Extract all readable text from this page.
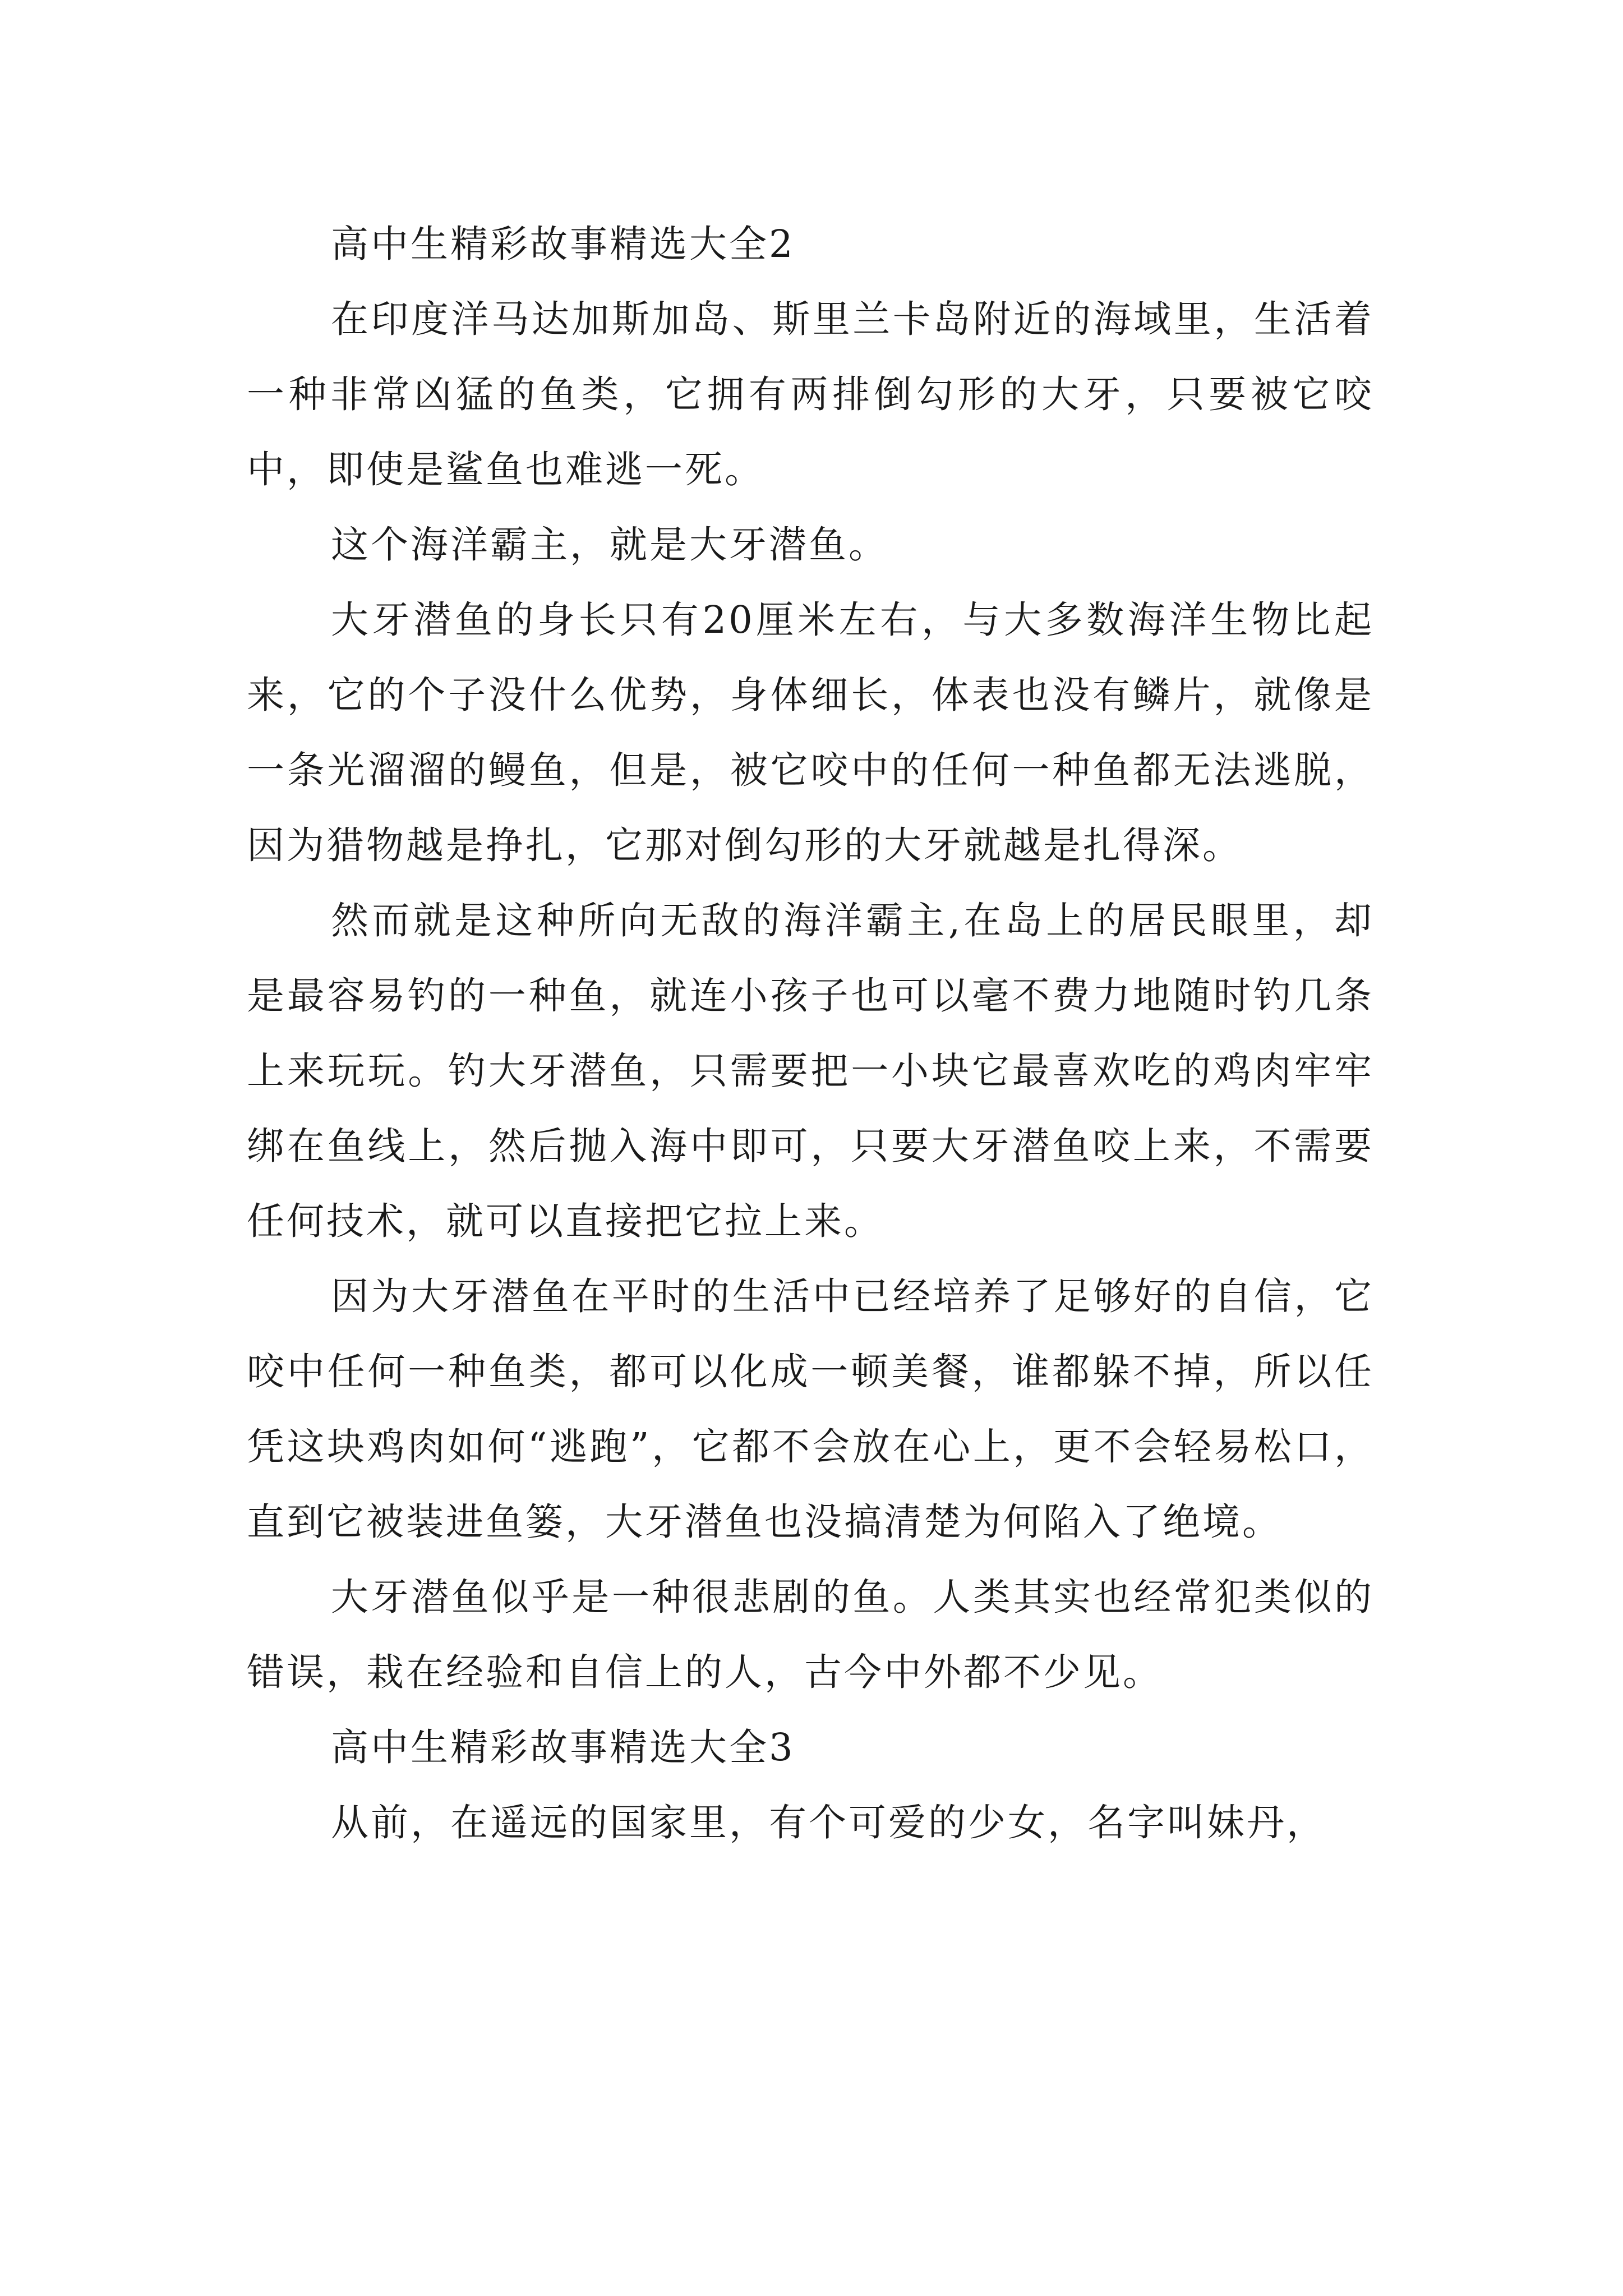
高中生精彩故事精选大全2

在印度洋马达加斯加岛、斯里兰卡岛附近的海域里，生活着一种非常凶猛的鱼类，它拥有两排倒勾形的大牙，只要被它咬中，即使是鲨鱼也难逃一死。

这个海洋霸主，就是大牙潜鱼。

大牙潜鱼的身长只有20厘米左右，与大多数海洋生物比起来，它的个子没什么优势，身体细长，体表也没有鳞片，就像是一条光溜溜的鳗鱼，但是，被它咬中的任何一种鱼都无法逃脱，因为猎物越是挣扎，它那对倒勾形的大牙就越是扎得深。

然而就是这种所向无敌的海洋霸主,在岛上的居民眼里，却是最容易钓的一种鱼，就连小孩子也可以毫不费力地随时钓几条上来玩玩。钓大牙潜鱼，只需要把一小块它最喜欢吃的鸡肉牢牢绑在鱼线上，然后抛入海中即可，只要大牙潜鱼咬上来，不需要任何技术，就可以直接把它拉上来。

因为大牙潜鱼在平时的生活中已经培养了足够好的自信，它咬中任何一种鱼类，都可以化成一顿美餐，谁都躲不掉，所以任凭这块鸡肉如何“逃跑”，它都不会放在心上，更不会轻易松口，直到它被装进鱼篓，大牙潜鱼也没搞清楚为何陷入了绝境。

大牙潜鱼似乎是一种很悲剧的鱼。人类其实也经常犯类似的错误，栽在经验和自信上的人，古今中外都不少见。

高中生精彩故事精选大全3

从前，在遥远的国家里，有个可爱的少女，名字叫妹丹，
